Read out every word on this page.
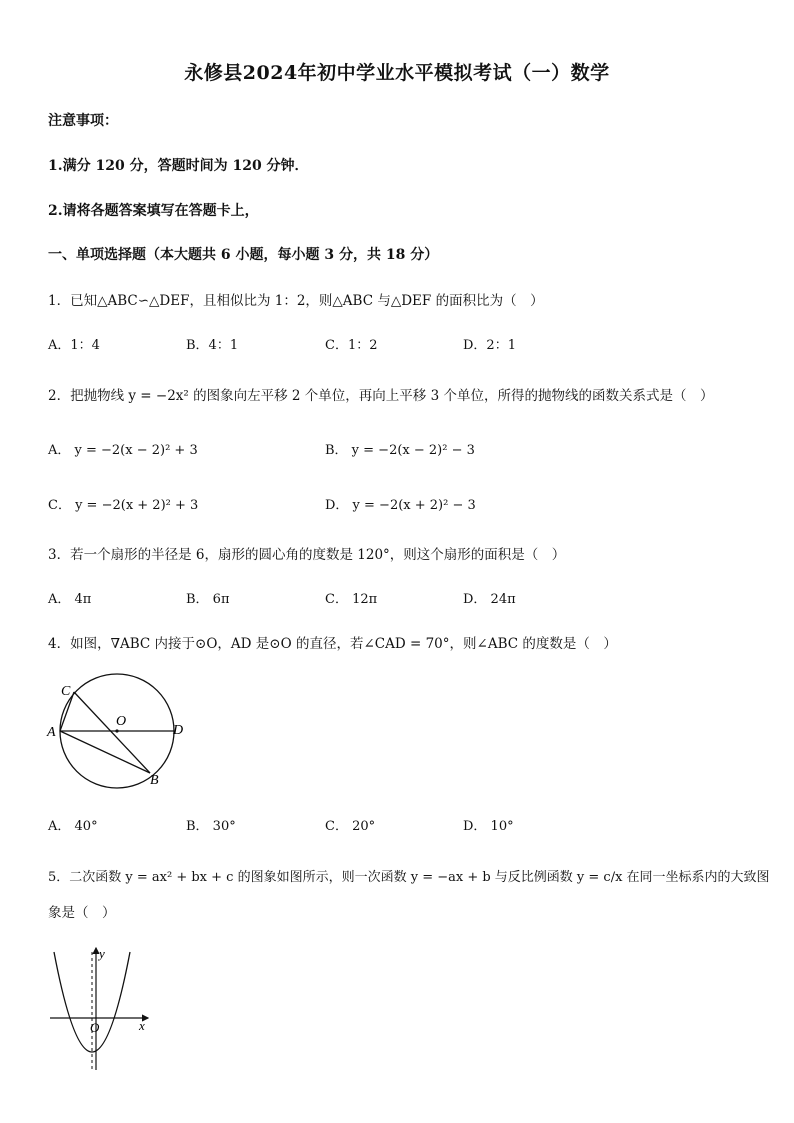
永修县2024年初中学业水平模拟考试（一）数学
注意事项：
1.满分 120 分，答题时间为 120 分钟．
2.请将各题答案填写在答题卡上，
一、单项选择题（本大题共 6 小题，每小题 3 分，共 18 分）
1．已知△ABC∽△DEF，且相似比为 1：2，则△ABC 与△DEF 的面积比为（　）
A．1：4	B．4：1	C．1：2	D．2：1
2．把抛物线 y = −2x² 的图象向左平移 2 个单位，再向上平移 3 个单位，所得的抛物线的函数关系式是（　）
A． y = −2(x − 2)² + 3	B． y = −2(x − 2)² − 3
C． y = −2(x + 2)² + 3	D． y = −2(x + 2)² − 3
3．若一个扇形的半径是 6，扇形的圆心角的度数是 120°，则这个扇形的面积是（　）
A． 4π	B． 6π	C． 12π	D． 24π
4．如图，∇ABC 内接于⊙O，AD 是⊙O 的直径，若∠CAD = 70°，则∠ABC 的度数是（　）
C
O
A	D
B
A． 40°	B． 30°	C． 20°	D． 10°
5．二次函数 y = ax² + bx + c 的图象如图所示，则一次函数 y = −ax + b 与反比例函数 y = c/x 在同一坐标系内的大致图
象是（　）
y
x
O
